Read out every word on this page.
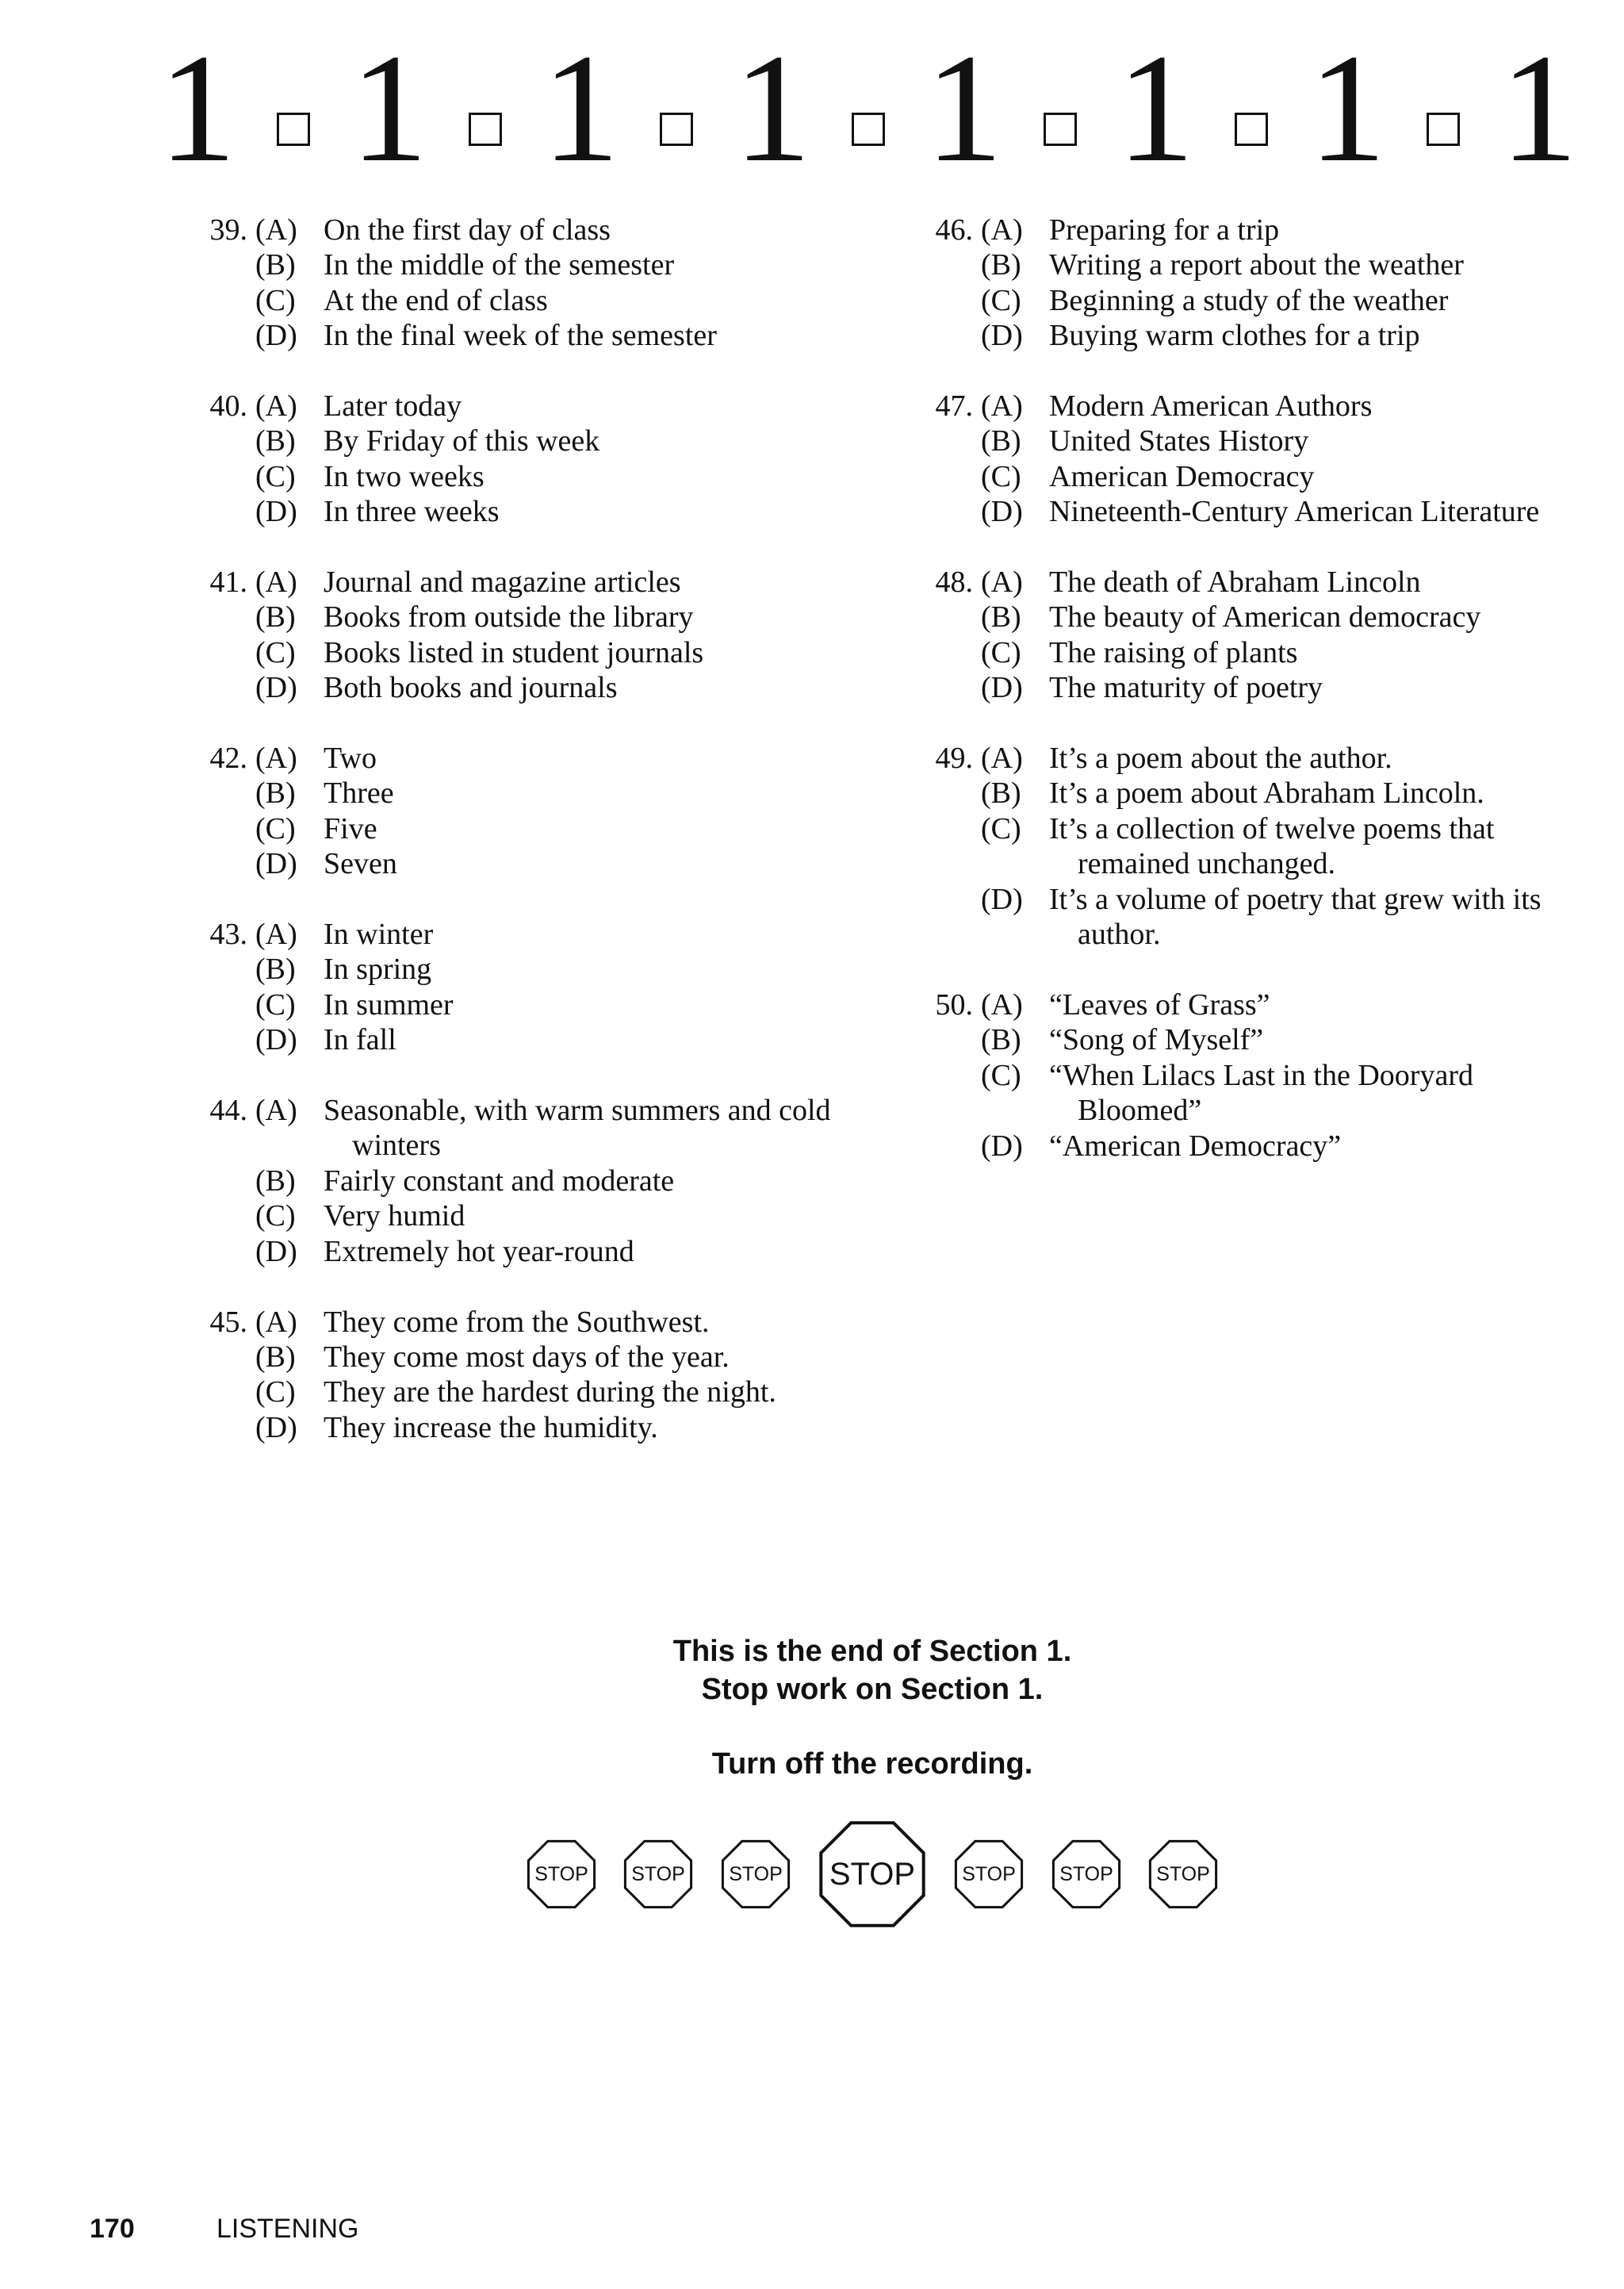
1 1 1 1 1 1 1 1
39. (A) On the first day of class
(B) In the middle of the semester
(C) At the end of class
(D) In the final week of the semester
40. (A) Later today
(B) By Friday of this week
(C) In two weeks
(D) In three weeks
41. (A) Journal and magazine articles
(B) Books from outside the library
(C) Books listed in student journals
(D) Both books and journals
42. (A) Two
(B) Three
(C) Five
(D) Seven
43. (A) In winter
(B) In spring
(C) In summer
(D) In fall
44. (A) Seasonable, with warm summers and cold winters
(B) Fairly constant and moderate
(C) Very humid
(D) Extremely hot year-round
45. (A) They come from the Southwest.
(B) They come most days of the year.
(C) They are the hardest during the night.
(D) They increase the humidity.
46. (A) Preparing for a trip
(B) Writing a report about the weather
(C) Beginning a study of the weather
(D) Buying warm clothes for a trip
47. (A) Modern American Authors
(B) United States History
(C) American Democracy
(D) Nineteenth-Century American Literature
48. (A) The death of Abraham Lincoln
(B) The beauty of American democracy
(C) The raising of plants
(D) The maturity of poetry
49. (A) It’s a poem about the author.
(B) It’s a poem about Abraham Lincoln.
(C) It’s a collection of twelve poems that remained unchanged.
(D) It’s a volume of poetry that grew with its author.
50. (A) “Leaves of Grass”
(B) “Song of Myself”
(C) “When Lilacs Last in the Dooryard Bloomed”
(D) “American Democracy”
This is the end of Section 1.
Stop work on Section 1.
Turn off the recording.
STOP STOP STOP STOP STOP STOP STOP
170	LISTENING
